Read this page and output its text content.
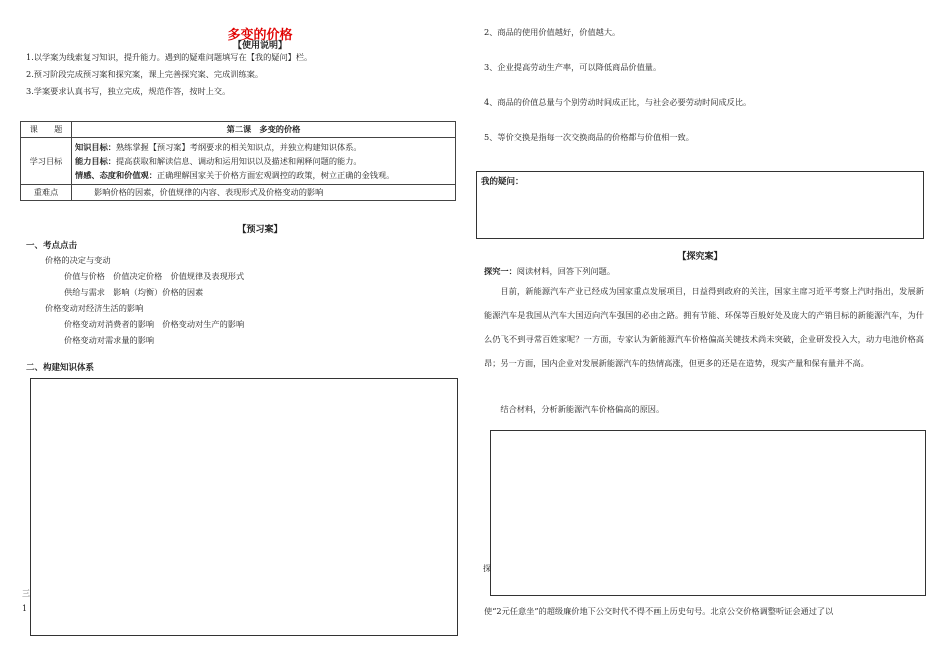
多变的价格
【使用说明】
1.以学案为线索复习知识，提升能力。遇到的疑难问题填写在【我的疑问】栏。
2.预习阶段完成预习案和探究案，课上完善探究案、完成训练案。
3.学案要求认真书写，独立完成，规范作答，按时上交。
课　　题	第二课　多变的价格
学习目标	知识目标：熟练掌握【预习案】考纲要求的相关知识点，并独立构建知识体系。
能力目标：提高获取和解读信息、调动和运用知识以及描述和阐释问题的能力。
情感、态度和价值观：正确理解国家关于价格方面宏观调控的政策，树立正确的金钱观。

重难点	影响价格的因素，价值规律的内容、表现形式及价格变动的影响
【预习案】
一、考点点击
价格的决定与变动
价值与价格　价值决定价格　价值规律及表现形式
供给与需求　影响（均衡）价格的因素
价格变动对经济生活的影响
价格变动对消费者的影响　价格变动对生产的影响
价格变动对需求量的影响
二、构建知识体系
三
1
2、商品的使用价值越好，价值越大。
3、企业提高劳动生产率，可以降低商品价值量。
4、商品的价值总量与个别劳动时间成正比，与社会必要劳动时间成反比。
5、等价交换是指每一次交换商品的价格都与价值相一致。
我的疑问：
【探究案】
探究一：阅读材料，回答下列问题。
目前，新能源汽车产业已经成为国家重点发展项目，日益得到政府的关注，国家主席习近平考察上汽时指出，发展新能源汽车是我国从汽车大国迈向汽车强国的必由之路。拥有节能、环保等百般好处及庞大的产销目标的新能源汽车，为什么仍飞不到寻常百姓家呢？一方面，专家认为新能源汽车价格偏高关键技术尚未突破，企业研发投入大，动力电池价格高昂；另一方面，国内企业对发展新能源汽车的热情高涨，但更多的还是在造势，现实产量和保有量并不高。
结合材料，分析新能源汽车价格偏高的原因。
探
使“2元任意坐”的超级廉价地下公交时代不得不画上历史句号。北京公交价格调整听证会通过了以
